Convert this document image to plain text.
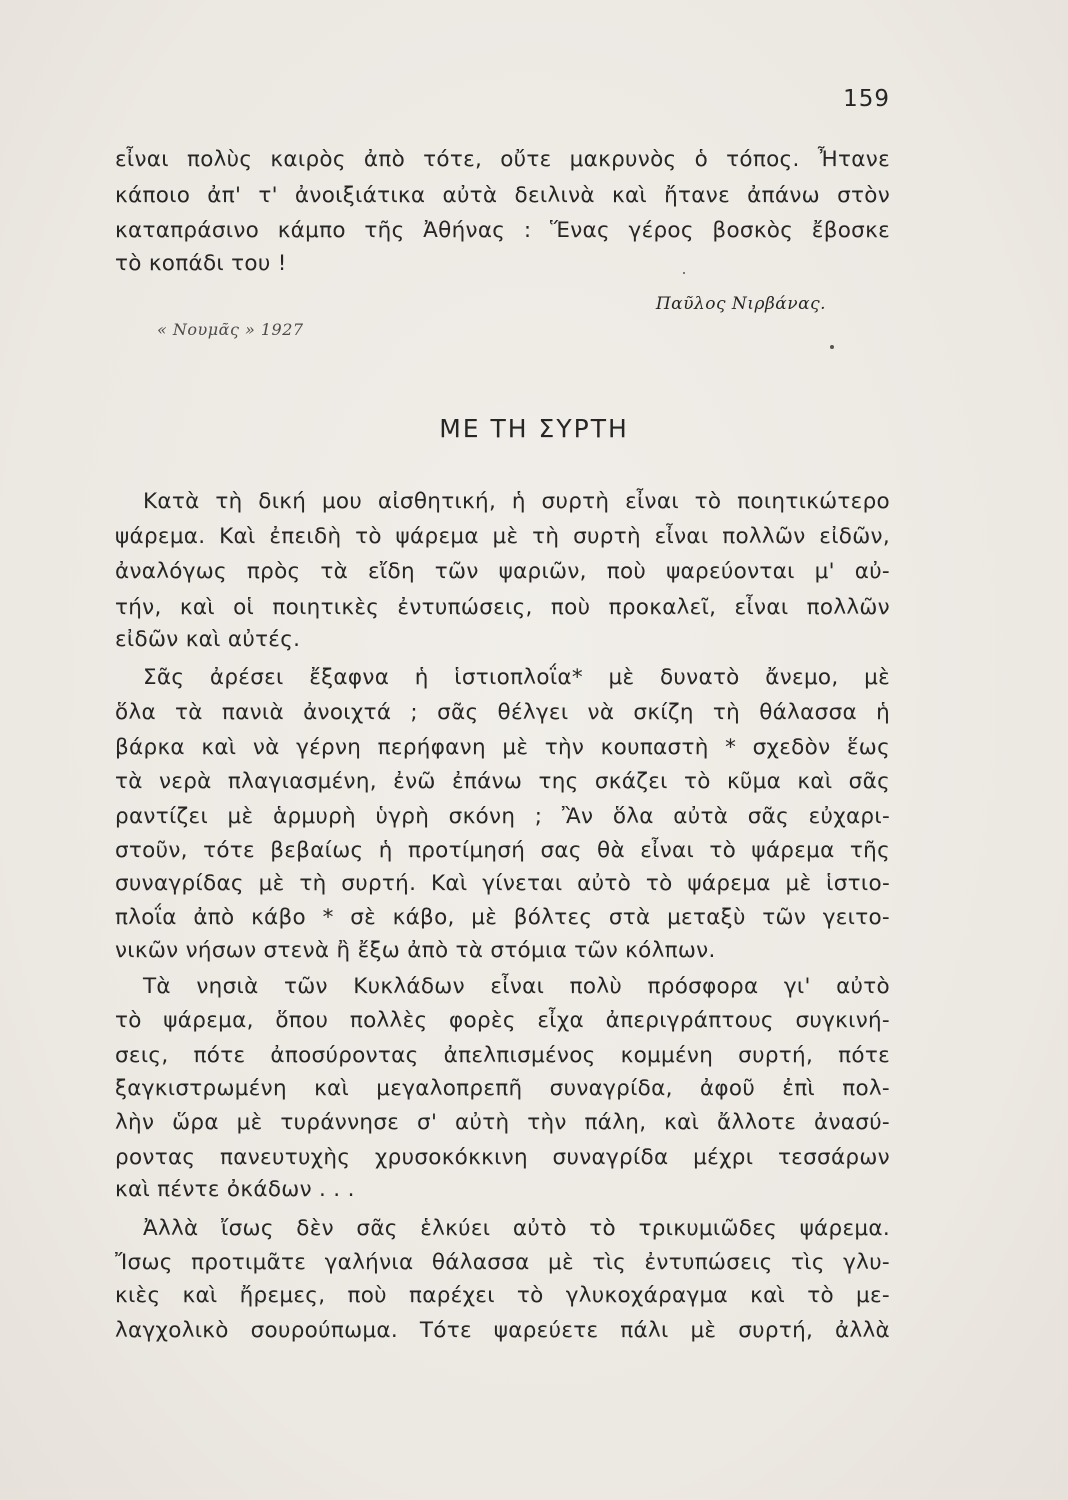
159
εἶναι πολὺς καιρὸς ἀπὸ τότε, οὔτε μακρυνὸς ὁ τόπος. Ἦτανε
κάποιο ἀπ' τ' ἀνοιξιάτικα αὐτὰ δειλινὰ καὶ ἤτανε ἀπάνω στὸν
καταπράσινο κάμπο τῆς Ἀθήνας : Ἕνας γέρος βοσκὸς ἔβοσκε
τὸ κοπάδι του !
Παῦλος Νιρβάνας.
« Νουμᾶς » 1927
ΜΕ ΤΗ ΣΥΡΤΗ
Κατὰ τὴ δική μου αἰσθητική, ἡ συρτὴ εἶναι τὸ ποιητικώτερο
ψάρεμα. Καὶ ἐπειδὴ τὸ ψάρεμα μὲ τὴ συρτὴ εἶναι πολλῶν εἰδῶν,
ἀναλόγως πρὸς τὰ εἴδη τῶν ψαριῶν, ποὺ ψαρεύονται μ' αὐ-
τήν, καὶ οἱ ποιητικὲς ἐντυπώσεις, ποὺ προκαλεῖ, εἶναι πολλῶν
εἰδῶν καὶ αὐτές.
Σᾶς ἀρέσει ἔξαφνα ἡ ἱστιοπλοΐα* μὲ δυνατὸ ἄνεμο, μὲ
ὅλα τὰ πανιὰ ἀνοιχτά ; σᾶς θέλγει νὰ σκίζη τὴ θάλασσα ἡ
βάρκα καὶ νὰ γέρνη περήφανη μὲ τὴν κουπαστὴ * σχεδὸν ἕως
τὰ νερὰ πλαγιασμένη, ἐνῶ ἐπάνω της σκάζει τὸ κῦμα καὶ σᾶς
ραντίζει μὲ ἁρμυρὴ ὑγρὴ σκόνη ; Ἂν ὅλα αὐτὰ σᾶς εὐχαρι-
στοῦν, τότε βεβαίως ἡ προτίμησή σας θὰ εἶναι τὸ ψάρεμα τῆς
συναγρίδας μὲ τὴ συρτή. Καὶ γίνεται αὐτὸ τὸ ψάρεμα μὲ ἱστιο-
πλοΐα ἀπὸ κάβο * σὲ κάβο, μὲ βόλτες στὰ μεταξὺ τῶν γειτο-
νικῶν νήσων στενὰ ἢ ἔξω ἀπὸ τὰ στόμια τῶν κόλπων.
Τὰ νησιὰ τῶν Κυκλάδων εἶναι πολὺ πρόσφορα γι' αὐτὸ
τὸ ψάρεμα, ὅπου πολλὲς φορὲς εἶχα ἀπεριγράπτους συγκινή-
σεις, πότε ἀποσύροντας ἀπελπισμένος κομμένη συρτή, πότε
ξαγκιστρωμένη καὶ μεγαλοπρεπῆ συναγρίδα, ἀφοῦ ἐπὶ πολ-
λὴν ὥρα μὲ τυράννησε σ' αὐτὴ τὴν πάλη, καὶ ἄλλοτε ἀνασύ-
ροντας πανευτυχὴς χρυσοκόκκινη συναγρίδα μέχρι τεσσάρων
καὶ πέντε ὀκάδων . . .
Ἀλλὰ ἴσως δὲν σᾶς ἑλκύει αὐτὸ τὸ τρικυμιῶδες ψάρεμα.
Ἴσως προτιμᾶτε γαλήνια θάλασσα μὲ τὶς ἐντυπώσεις τὶς γλυ-
κιὲς καὶ ἤρεμες, ποὺ παρέχει τὸ γλυκοχάραγμα καὶ τὸ με-
λαγχολικὸ σουρούπωμα. Τότε ψαρεύετε πάλι μὲ συρτή, ἀλλὰ
